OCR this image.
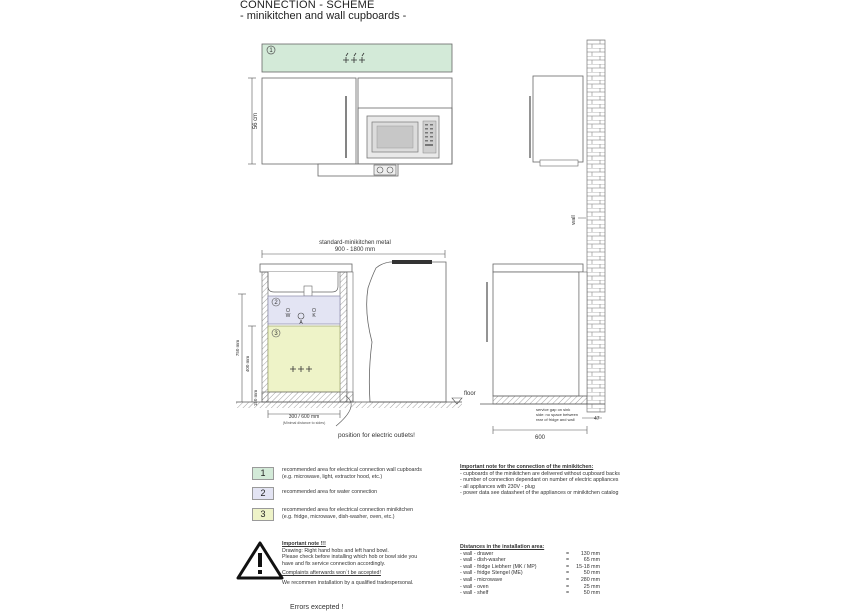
CONNECTION - SCHEME
- minikitchen and wall cupboards -
1
56 cm
wall
standard-minikitchen metal
900 - 1800 mm
2
W	K
A
3
floor
750 mm
400 mm
150 mm
300 / 600 mm
(Minimal distance to sides)
position for electric outlets!
service gap on sink
side: no space between
rear of fridge and wall	47
600
1	recommended area for electrical connection wall cupboards
(e.g. microwave, light, extractor hood, etc.)
2	recommended area for water connection
3	recommended area for electrical connection minikitchen
(e.g. fridge, microwave, dish-washer, oven, etc.)
Important note for the connection of the minikitchen:
- cupboards of the minikitchen are delivered without cupboard backs
- number of connection dependant on number of electric appliances
- all appliances with 230V - plug
- power data see datasheet of the appliances or minikitchen catalog
Important note !!!
Drawing: Right hand hobs and left hand bowl.
Please check before installing which hob or bowl side you
have and fix service connection accordingly.
Complaints afterwards won´t be accepted!
We recommen installation by a qualified tradespersonal.
Distances in the installation area:
- wall - drawer	=	130 mm
- wall - dish-washer	=	65 mm
- wall - fridge Liebherr (MK / MP)	=	15-18 mm
- wall - fridge Stengel (ME)	=	50 mm
- wall - microwave	=	280 mm
- wall - oven	=	25 mm
- wall - shelf	=	50 mm
Errors excepted !
